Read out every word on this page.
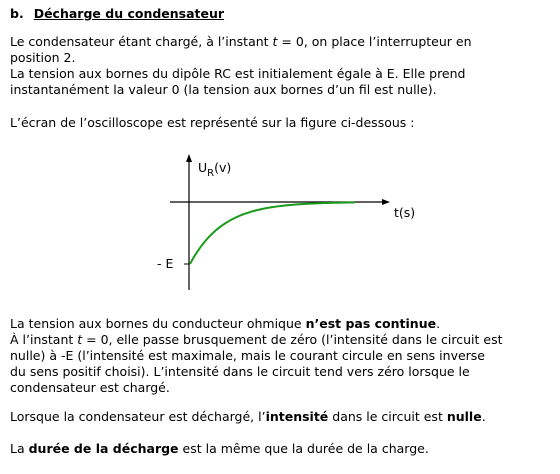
b. Décharge du condensateur
Le condensateur étant chargé, à l’instant t = 0, on place l’interrupteur en
position 2.
La tension aux bornes du dipôle RC est initialement égale à E. Elle prend
instantanément la valeur 0 (la tension aux bornes d’un fil est nulle).
L’écran de l’oscilloscope est représenté sur la figure ci-dessous :
$U_R(v)$
t(s)
- E
La tension aux bornes du conducteur ohmique n’est pas continue.
À l’instant t = 0, elle passe brusquement de zéro (l’intensité dans le circuit est
nulle) à -E (l’intensité est maximale, mais le courant circule en sens inverse
du sens positif choisi). L’intensité dans le circuit tend vers zéro lorsque le
condensateur est chargé.
Lorsque la condensateur est déchargé, l’intensité dans le circuit est nulle.
La durée de la décharge est la même que la durée de la charge.
